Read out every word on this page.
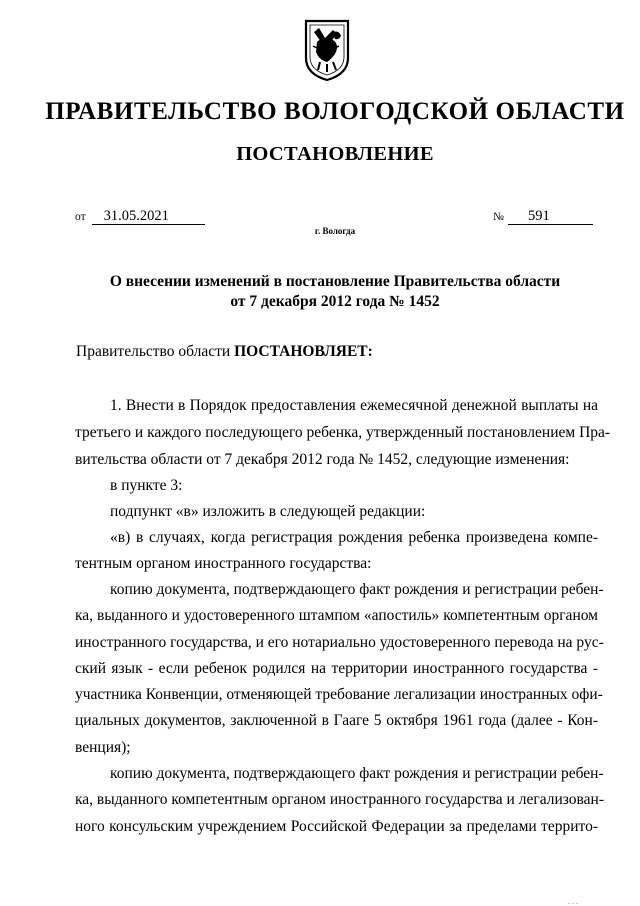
ПРАВИТЕЛЬСТВО ВОЛОГОДСКОЙ ОБЛАСТИ
ПОСТАНОВЛЕНИЕ
от 31.05.2021	№ 591
г. Вологда
О внесении изменений в постановление Правительства области
от 7 декабря 2012 года № 1452
Правительство области ПОСТАНОВЛЯЕТ:
1. Внести в Порядок предоставления ежемесячной денежной выплаты на
третьего и каждого последующего ребенка, утвержденный постановлением Пра-
вительства области от 7 декабря 2012 года № 1452, следующие изменения:
в пункте 3:
подпункт «в» изложить в следующей редакции:
«в) в случаях, когда регистрация рождения ребенка произведена компе-
тентным органом иностранного государства:
копию документа, подтверждающего факт рождения и регистрации ребен-
ка, выданного и удостоверенного штампом «апостиль» компетентным органом
иностранного государства, и его нотариально удостоверенного перевода на рус-
ский язык - если ребенок родился на территории иностранного государства -
участника Конвенции, отменяющей требование легализации иностранных офи-
циальных документов, заключенной в Гааге 5 октября 1961 года (далее - Кон-
венция);
копию документа, подтверждающего факт рождения и регистрации ребен-
ка, выданного компетентным органом иностранного государства и легализован-
ного консульским учреждением Российской Федерации за пределами террито-
...
